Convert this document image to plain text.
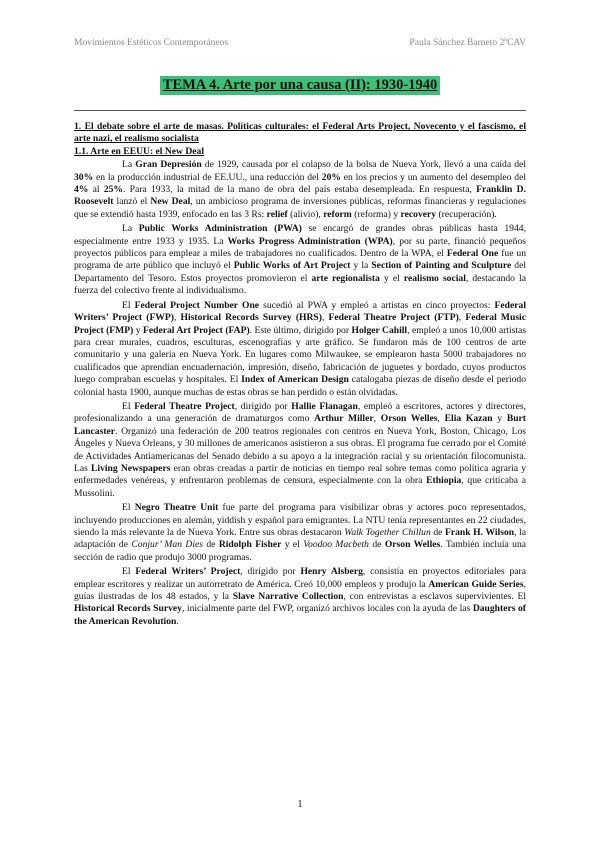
Movimientos Estéticos Contemporáneos	Paula Sánchez Barneto 2ºCAV
TEMA 4. Arte por una causa (II): 1930-1940
1. El debate sobre el arte de masas. Políticas culturales: el Federal Arts Project, Novecento y el fascismo, el arte nazi, el realismo socialista
1.1. Arte en EEUU: el New Deal

La Gran Depresión de 1929, causada por el colapso de la bolsa de Nueva York, llevó a una caída del 30% en la producción industrial de EE.UU., una reducción del 20% en los precios y un aumento del desempleo del 4% al 25%. Para 1933, la mitad de la mano de obra del país estaba desempleada. En respuesta, Franklin D. Roosevelt lanzó el New Deal, un ambicioso programa de inversiones públicas, reformas financieras y regulaciones que se extendió hasta 1939, enfocado en las 3 Rs: relief (alivio), reform (reforma) y recovery (recuperación).

La Public Works Administration (PWA) se encargó de grandes obras públicas hasta 1944, especialmente entre 1933 y 1935. La Works Progress Administration (WPA), por su parte, financió pequeños proyectos públicos para emplear a miles de trabajadores no cualificados. Dentro de la WPA, el Federal One fue un programa de arte público que incluyó el Public Works of Art Project y la Section of Painting and Sculpture del Departamento del Tesoro. Estos proyectos promovieron el arte regionalista y el realismo social, destacando la fuerza del colectivo frente al individualismo.

El Federal Project Number One sucedió al PWA y empleó a artistas en cinco proyectos: Federal Writers’ Project (FWP), Historical Records Survey (HRS), Federal Theatre Project (FTP), Federal Music Project (FMP) y Federal Art Project (FAP). Este último, dirigido por Holger Cahill, empleó a unos 10,000 artistas para crear murales, cuadros, esculturas, escenografías y arte gráfico. Se fundaron más de 100 centros de arte comunitario y una galería en Nueva York. En lugares como Milwaukee, se emplearon hasta 5000 trabajadores no cualificados que aprendían encuadernación, impresión, diseño, fabricación de juguetes y bordado, cuyos productos luego compraban escuelas y hospitales. El Index of American Design catalogaba piezas de diseño desde el periodo colonial hasta 1900, aunque muchas de estas obras se han perdido o están olvidadas.

El Federal Theatre Project, dirigido por Hallie Flanagan, empleó a escritores, actores y directores, profesionalizando a una generación de dramaturgos como Arthur Miller, Orson Welles, Elia Kazan y Burt Lancaster. Organizó una federación de 200 teatros regionales con centros en Nueva York, Boston, Chicago, Los Ángeles y Nueva Orleans, y 30 millones de americanos asistieron a sus obras. El programa fue cerrado por el Comité de Actividades Antiamericanas del Senado debido a su apoyo a la integración racial y su orientación filocomunista. Las Living Newspapers eran obras creadas a partir de noticias en tiempo real sobre temas como política agraria y enfermedades venéreas, y enfrentaron problemas de censura, especialmente con la obra Ethiopia, que criticaba a Mussolini.

El Negro Theatre Unit fue parte del programa para visibilizar obras y actores poco representados, incluyendo producciones en alemán, yiddish y español para emigrantes. La NTU tenía representantes en 22 ciudades, siendo la más relevante la de Nueva York. Entre sus obras destacaron Walk Together Chillun de Frank H. Wilson, la adaptación de Conjur’ Man Dies de Ridolph Fisher y el Voodoo Macbeth de Orson Welles. También incluía una sección de radio que produjo 3000 programas.

El Federal Writers’ Project, dirigido por Henry Alsberg, consistía en proyectos editoriales para emplear escritores y realizar un autorretrato de América. Creó 10,000 empleos y produjo la American Guide Series, guías ilustradas de los 48 estados, y la Slave Narrative Collection, con entrevistas a esclavos supervivientes. El Historical Records Survey, inicialmente parte del FWP, organizó archivos locales con la ayuda de las Daughters of the American Revolution.

1
